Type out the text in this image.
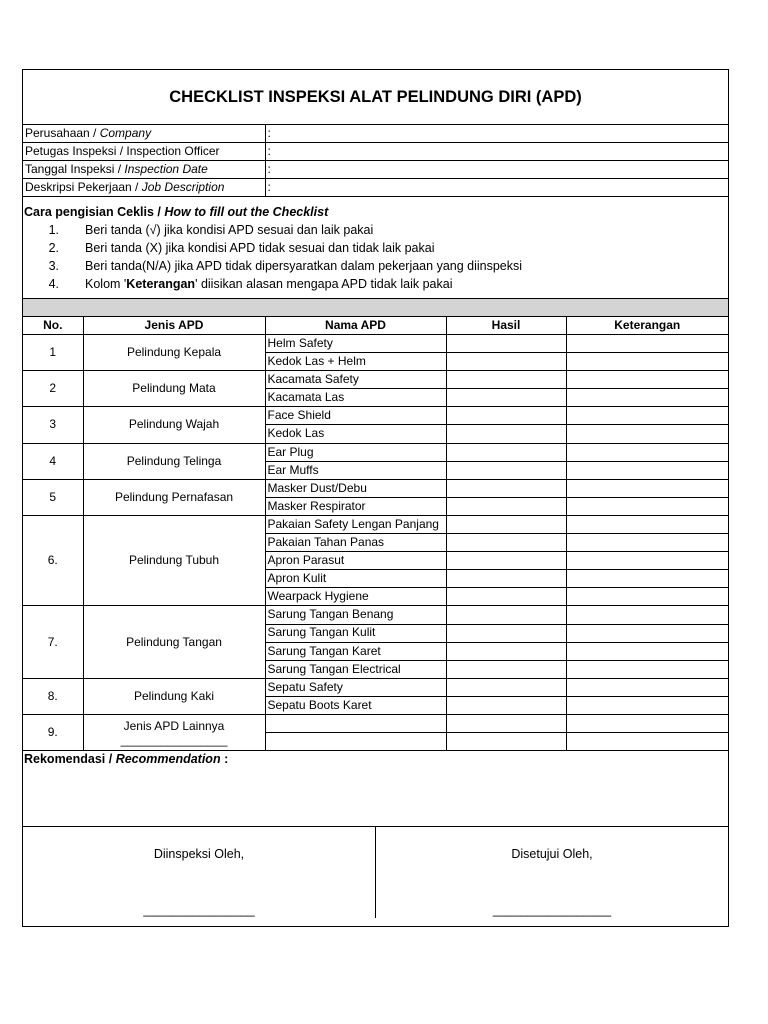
CHECKLIST INSPEKSI ALAT PELINDUNG DIRI (APD)
Perusahaan / Company	:
Petugas Inspeksi / Inspection Officer	:
Tanggal Inspeksi / Inspection Date	:
Deskripsi Pekerjaan / Job Description	:
Cara pengisian Ceklis / How to fill out the Checklist
1.	Beri tanda (√) jika kondisi APD sesuai dan laik pakai
2.	Beri tanda (X) jika kondisi APD tidak sesuai dan tidak laik pakai
3.	Beri tanda(N/A) jika APD tidak dipersyaratkan dalam pekerjaan yang diinspeksi
4.	Kolom 'Keterangan' diisikan alasan mengapa APD tidak laik pakai
No.	Jenis APD	Nama APD	Hasil	Keterangan
1	Pelindung Kepala	Helm Safety		
		Kedok Las + Helm		
2	Pelindung Mata	Kacamata Safety		
		Kacamata Las		
3	Pelindung Wajah	Face Shield		
		Kedok Las		
4	Pelindung Telinga	Ear Plug		
		Ear Muffs		
5	Pelindung Pernafasan	Masker Dust/Debu		
		Masker Respirator		
6.	Pelindung Tubuh	Pakaian Safety Lengan Panjang		
		Pakaian Tahan Panas		
		Apron Parasut		
		Apron Kulit		
		Wearpack Hygiene		
7.	Pelindung Tangan	Sarung Tangan Benang		
		Sarung Tangan Kulit		
		Sarung Tangan Karet		
		Sarung Tangan Electrical		
8.	Pelindung Kaki	Sepatu Safety		
		Sepatu Boots Karet		
9.	Jenis APD Lainnya
________________			

Rekomendasi / Recommendation :
Diinspeksi Oleh,
________________
Disetujui Oleh,
_________________
